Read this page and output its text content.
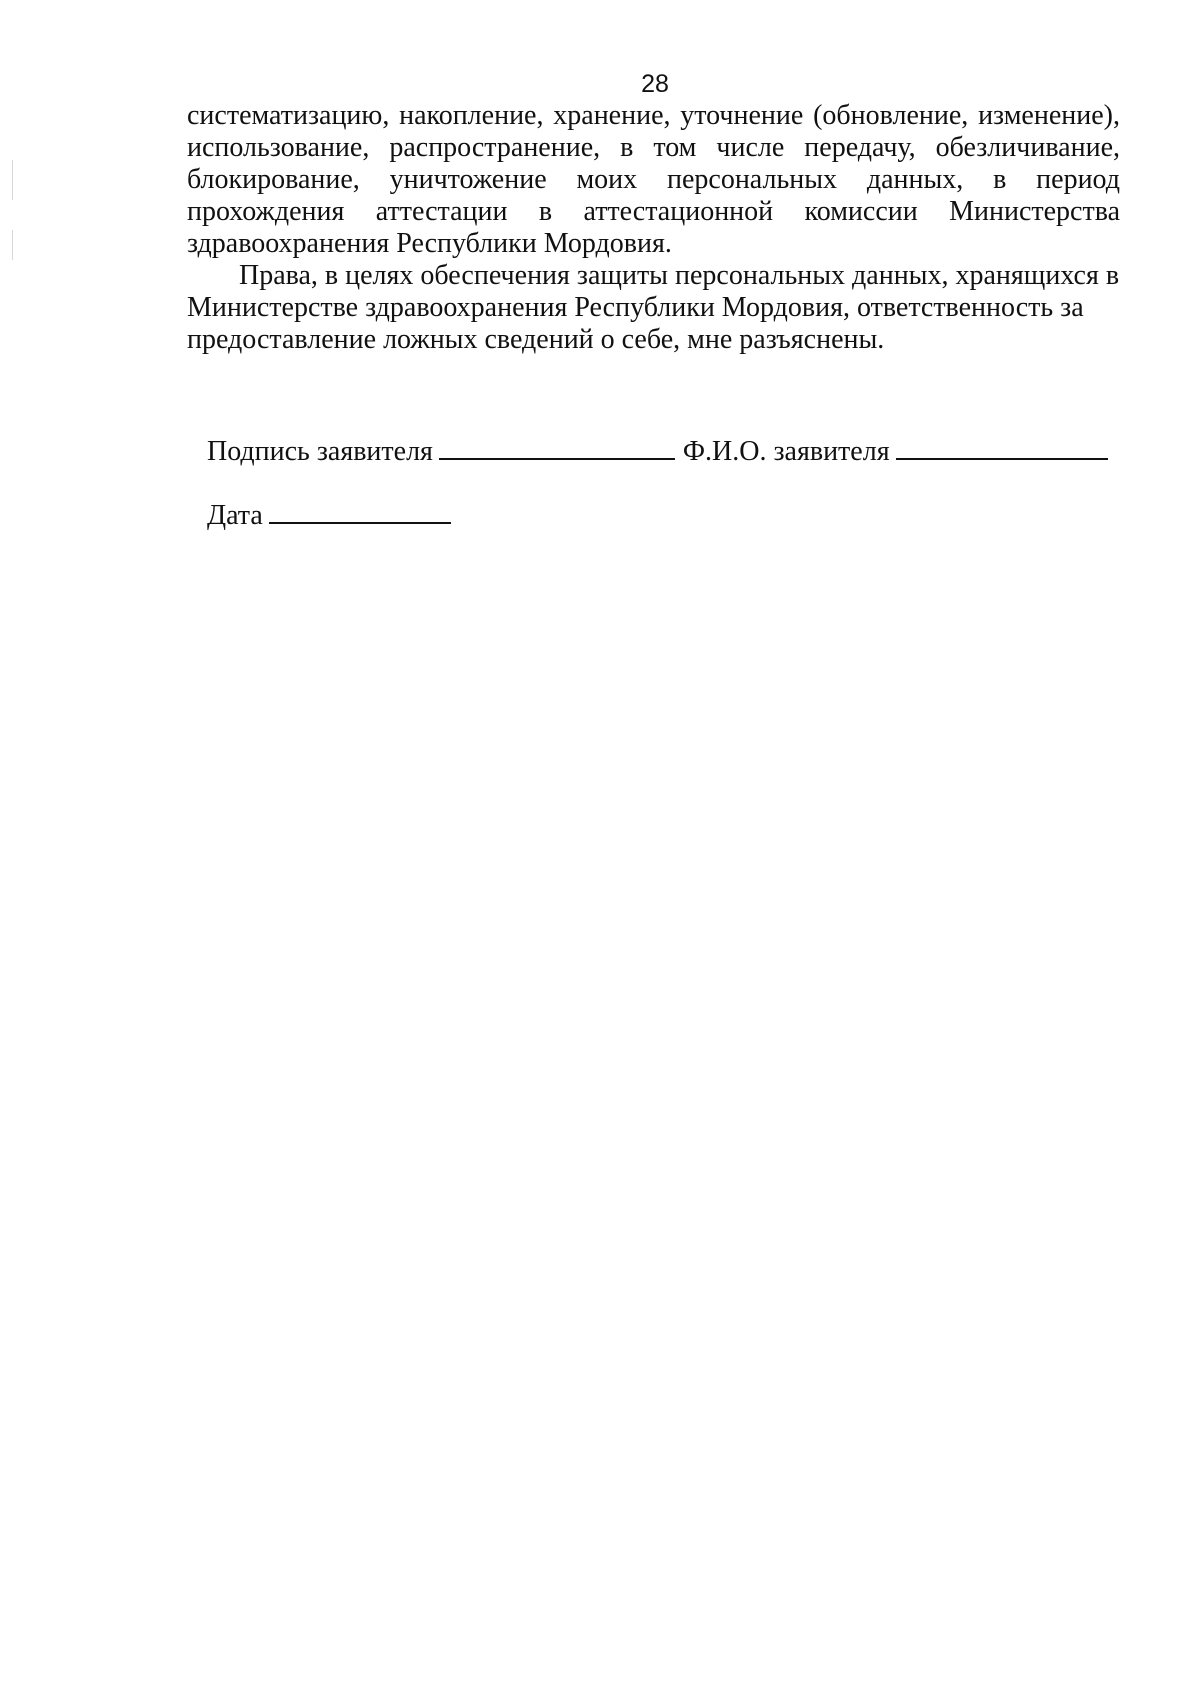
28

систематизацию, накопление, хранение, уточнение (обновление, изменение), использование, распространение, в том числе передачу, обезличивание, блокирование, уничтожение моих персональных данных, в период прохождения аттестации в аттестационной комиссии Министерства здравоохранения Республики Мордовия.

Права, в целях обеспечения защиты персональных данных, хранящихся в Министерстве здравоохранения Республики Мордовия, ответственность за предоставление ложных сведений о себе, мне разъяснены.

Подпись заявителя	Ф.И.О. заявителя
Дата
